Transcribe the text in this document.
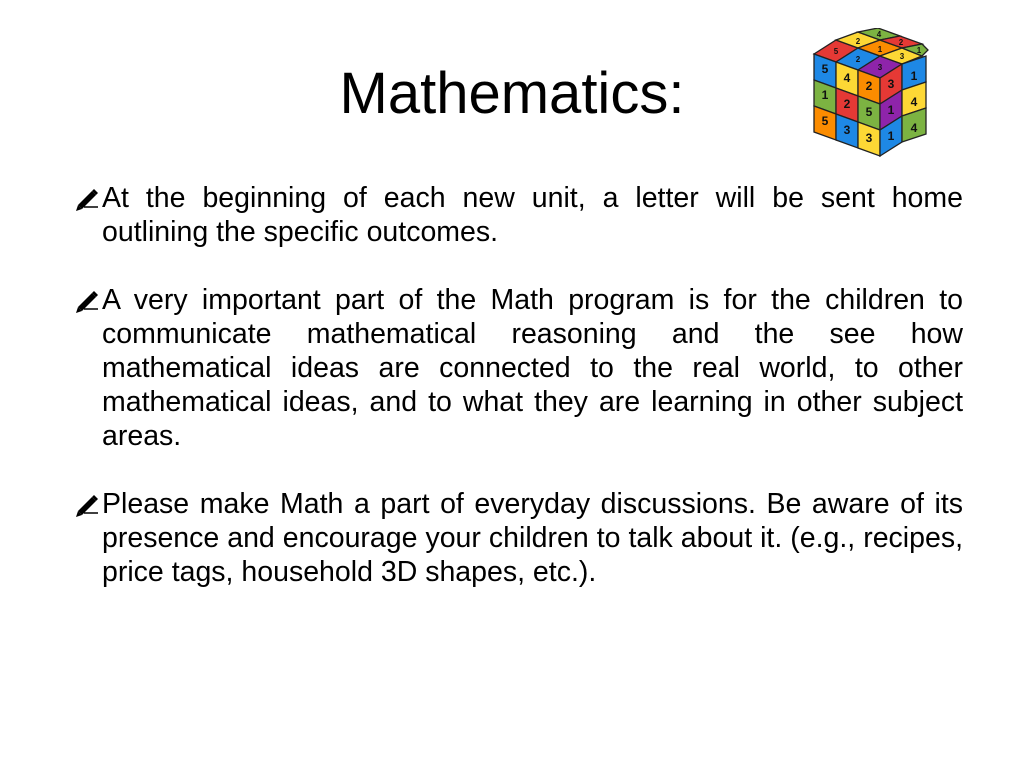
Mathematics:	5
4
1
2
5
3
2 3
1
5 1
4
3 1
4
5
2
4
2
1
2
3
3
1
At the beginning of each new unit, a letter will be sent home outlining the specific outcomes.
A very important part of the Math program is for the children to communicate mathematical reasoning and the see how mathematical ideas are connected to the real world, to other mathematical ideas, and to what they are learning in other subject areas.
Please make Math a part of everyday discussions. Be aware of its presence and encourage your children to talk about it. (e.g., recipes, price tags, household 3D shapes, etc.).
